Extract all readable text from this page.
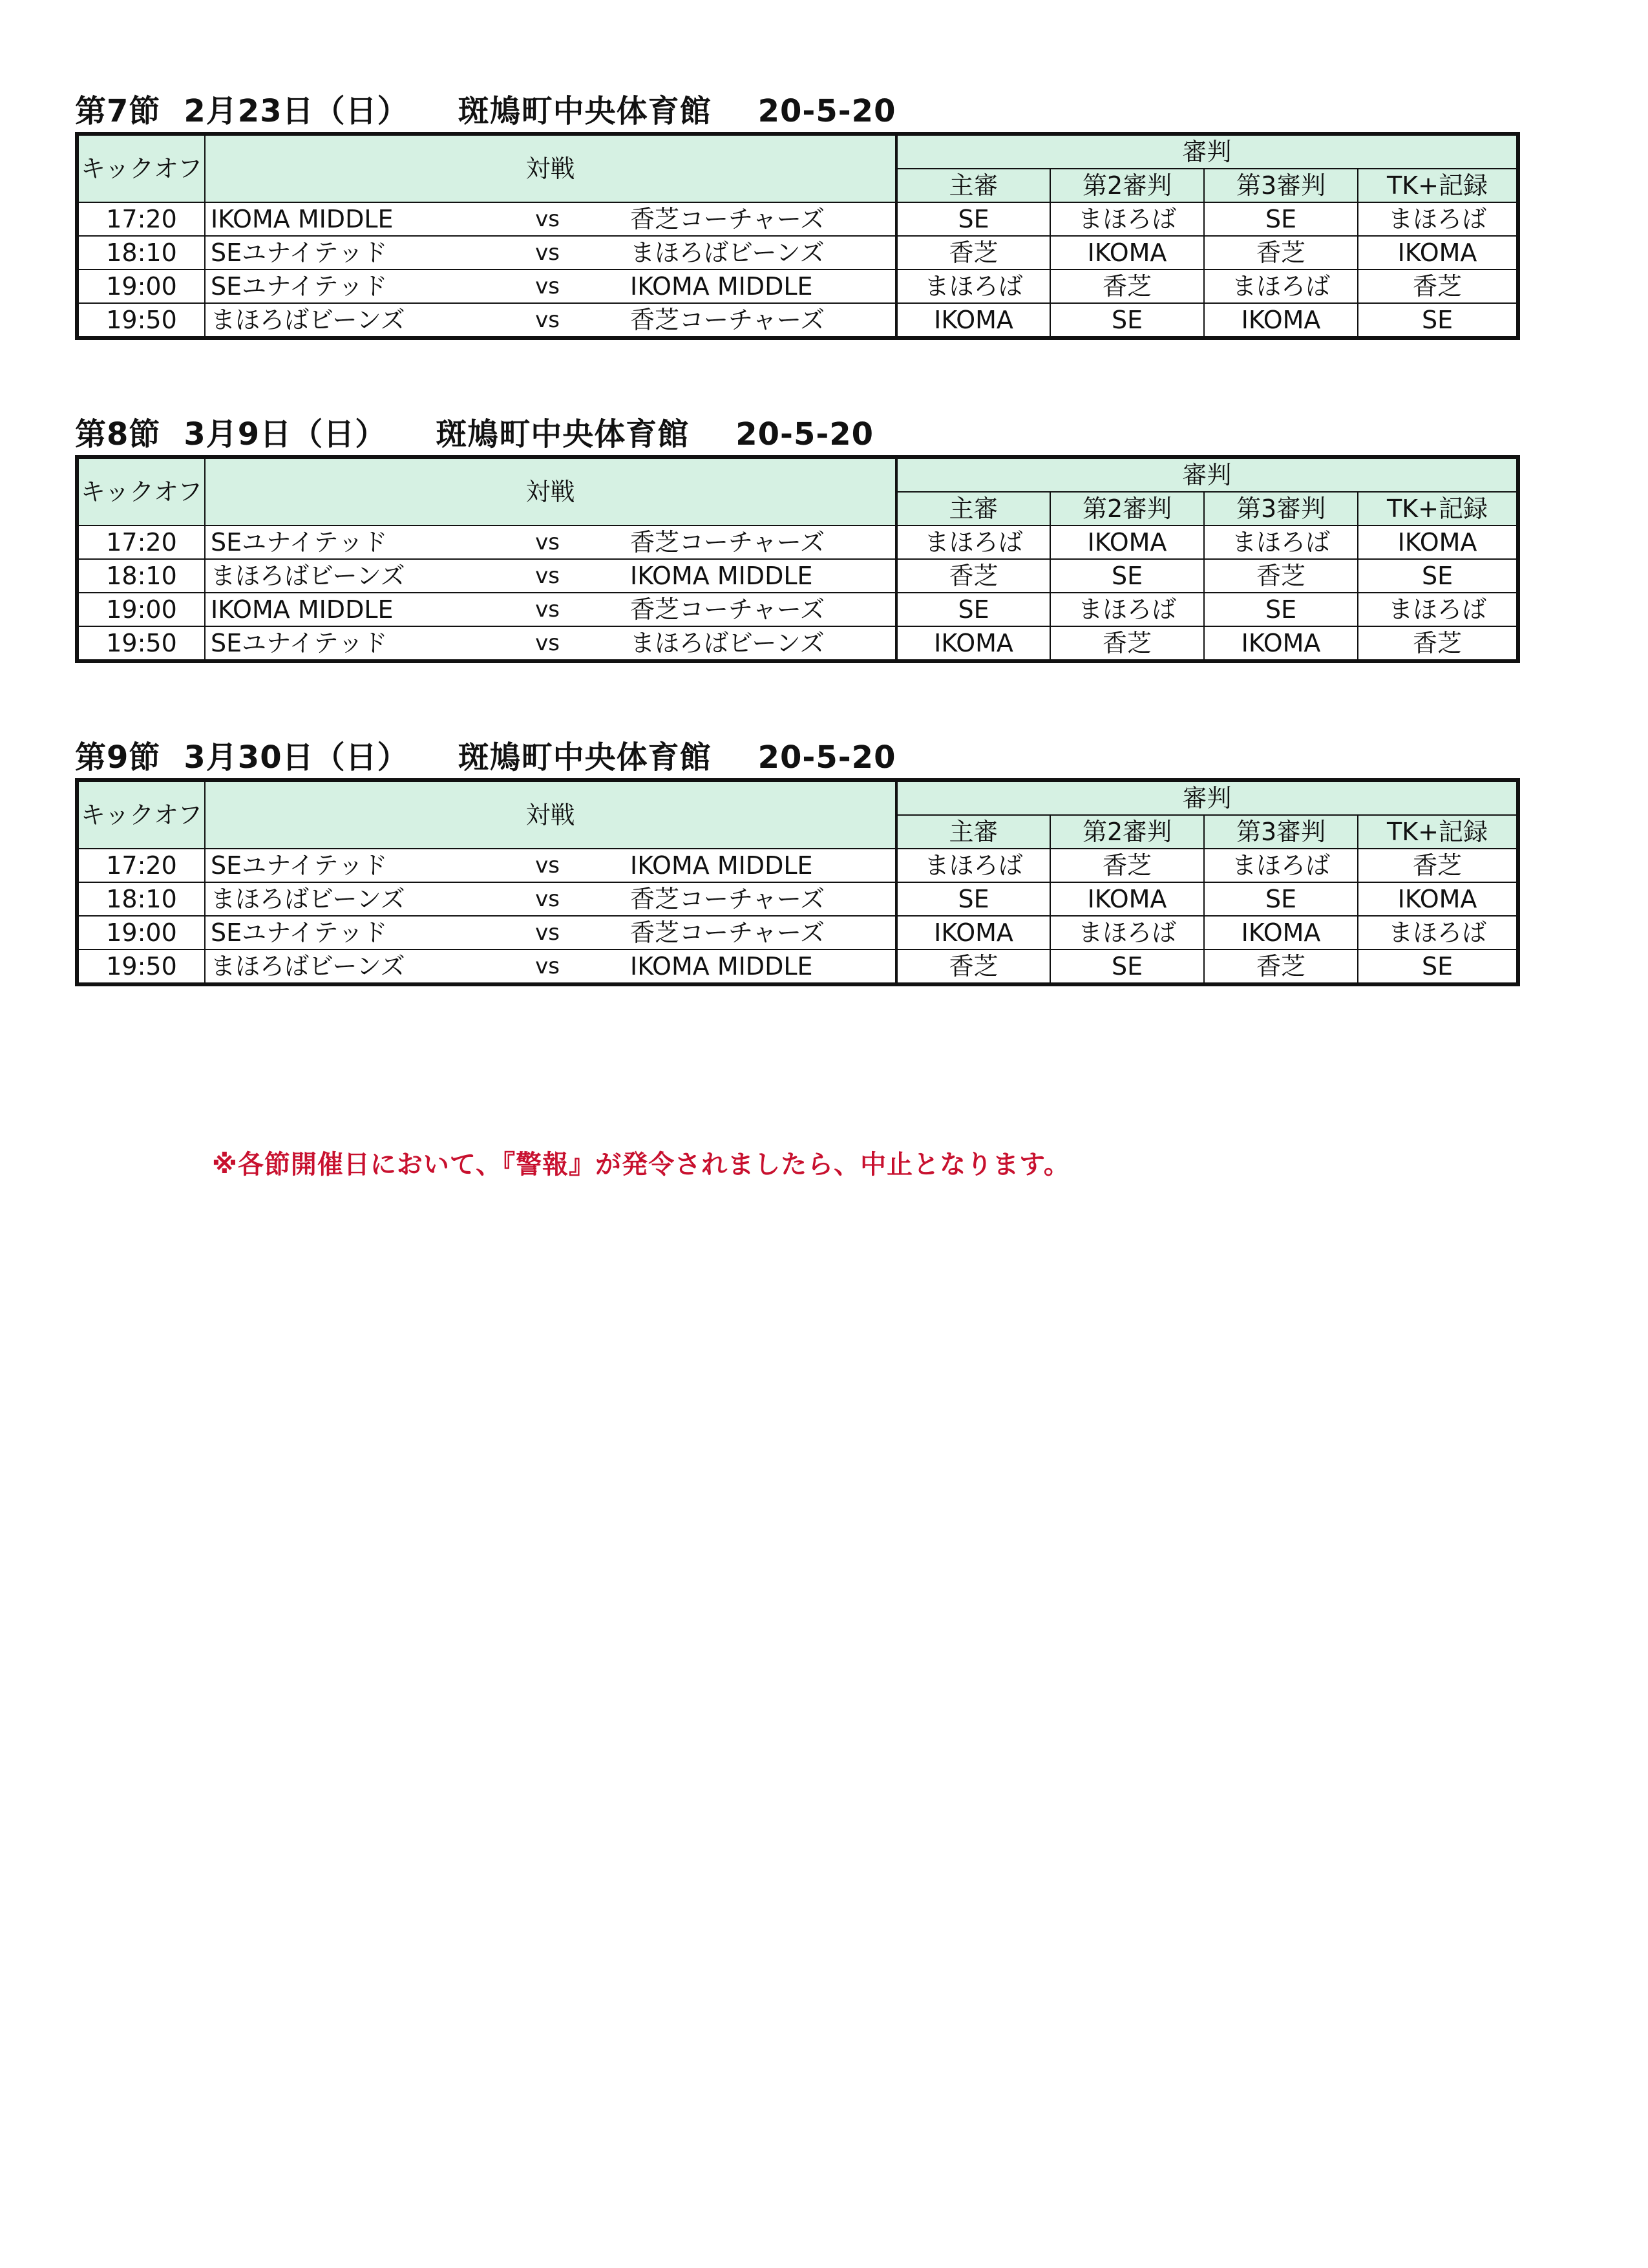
第7節 2月23日（日） 斑鳩町中央体育館 20-5-20
キックオフ	対戦			審判			
				主審	第2審判	第3審判	TK+記録
17:20	IKOMA MIDDLE	vs	香芝コーチャーズ	SE	まほろば	SE	まほろば
18:10	SEユナイテッド	vs	まほろばビーンズ	香芝	IKOMA	香芝	IKOMA
19:00	SEユナイテッド	vs	IKOMA MIDDLE	まほろば	香芝	まほろば	香芝
19:50	まほろばビーンズ	vs	香芝コーチャーズ	IKOMA	SE	IKOMA	SE
第8節 3月9日（日） 斑鳩町中央体育館 20-5-20
キックオフ	対戦			審判			
				主審	第2審判	第3審判	TK+記録
17:20	SEユナイテッド	vs	香芝コーチャーズ	まほろば	IKOMA	まほろば	IKOMA
18:10	まほろばビーンズ	vs	IKOMA MIDDLE	香芝	SE	香芝	SE
19:00	IKOMA MIDDLE	vs	香芝コーチャーズ	SE	まほろば	SE	まほろば
19:50	SEユナイテッド	vs	まほろばビーンズ	IKOMA	香芝	IKOMA	香芝
第9節 3月30日（日） 斑鳩町中央体育館 20-5-20
キックオフ	対戦			審判			
				主審	第2審判	第3審判	TK+記録
17:20	SEユナイテッド	vs	IKOMA MIDDLE	まほろば	香芝	まほろば	香芝
18:10	まほろばビーンズ	vs	香芝コーチャーズ	SE	IKOMA	SE	IKOMA
19:00	SEユナイテッド	vs	香芝コーチャーズ	IKOMA	まほろば	IKOMA	まほろば
19:50	まほろばビーンズ	vs	IKOMA MIDDLE	香芝	SE	香芝	SE
※各節開催日において、『警報』が発令されましたら、中止となります。
